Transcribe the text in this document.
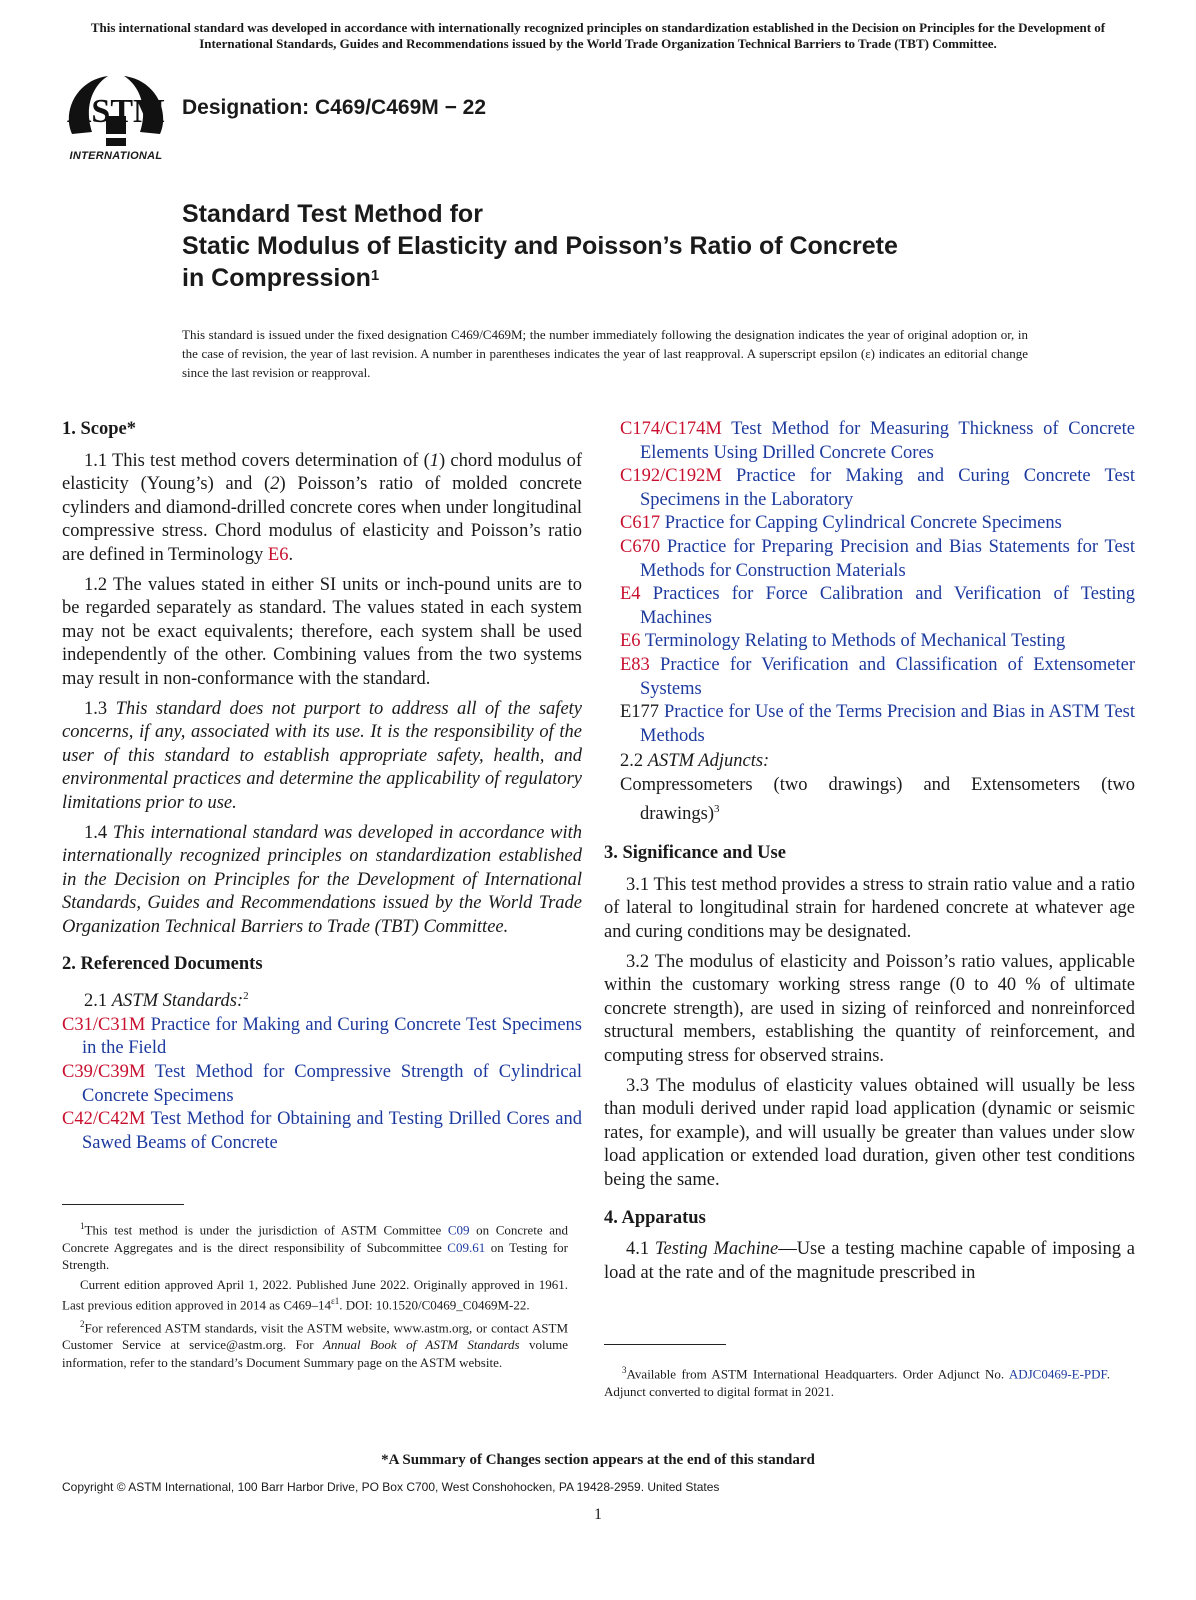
This international standard was developed in accordance with internationally recognized principles on standardization established in the Decision on Principles for the Development of International Standards, Guides and Recommendations issued by the World Trade Organization Technical Barriers to Trade (TBT) Committee.
ASTM
INTERNATIONAL
Designation: C469/C469M − 22
Standard Test Method for
Static Modulus of Elasticity and Poisson’s Ratio of Concrete
in Compression$^1$
This standard is issued under the fixed designation C469/C469M; the number immediately following the designation indicates the year of original adoption or, in the case of revision, the year of last revision. A number in parentheses indicates the year of last reapproval. A superscript epsilon (ε) indicates an editorial change since the last revision or reapproval.
1. Scope*

1.1 This test method covers determination of (1) chord modulus of elasticity (Young’s) and (2) Poisson’s ratio of molded concrete cylinders and diamond-drilled concrete cores when under longitudinal compressive stress. Chord modulus of elasticity and Poisson’s ratio are defined in Terminology E6.

1.2 The values stated in either SI units or inch-pound units are to be regarded separately as standard. The values stated in each system may not be exact equivalents; therefore, each system shall be used independently of the other. Combining values from the two systems may result in non-conformance with the standard.

1.3 This standard does not purport to address all of the safety concerns, if any, associated with its use. It is the responsibility of the user of this standard to establish appropriate safety, health, and environmental practices and determine the applicability of regulatory limitations prior to use.

1.4 This international standard was developed in accordance with internationally recognized principles on standardization established in the Decision on Principles for the Development of International Standards, Guides and Recommendations issued by the World Trade Organization Technical Barriers to Trade (TBT) Committee.

2. Referenced Documents

2.1 ASTM Standards:$^2$

C31/C31M Practice for Making and Curing Concrete Test Specimens in the Field

C39/C39M Test Method for Compressive Strength of Cylindrical Concrete Specimens

C42/C42M Test Method for Obtaining and Testing Drilled Cores and Sawed Beams of Concrete

C174/C174M Test Method for Measuring Thickness of Concrete Elements Using Drilled Concrete Cores

C192/C192M Practice for Making and Curing Concrete Test Specimens in the Laboratory

C617 Practice for Capping Cylindrical Concrete Specimens

C670 Practice for Preparing Precision and Bias Statements for Test Methods for Construction Materials

E4 Practices for Force Calibration and Verification of Testing Machines

E6 Terminology Relating to Methods of Mechanical Testing

E83 Practice for Verification and Classification of Extensometer Systems

E177 Practice for Use of the Terms Precision and Bias in ASTM Test Methods

2.2 ASTM Adjuncts:

Compressometers (two drawings) and Extensometers (two drawings)$^3$

3. Significance and Use

3.1 This test method provides a stress to strain ratio value and a ratio of lateral to longitudinal strain for hardened concrete at whatever age and curing conditions may be designated.

3.2 The modulus of elasticity and Poisson’s ratio values, applicable within the customary working stress range (0 to 40 % of ultimate concrete strength), are used in sizing of reinforced and nonreinforced structural members, establishing the quantity of reinforcement, and computing stress for observed strains.

3.3 The modulus of elasticity values obtained will usually be less than moduli derived under rapid load application (dynamic or seismic rates, for example), and will usually be greater than values under slow load application or extended load duration, given other test conditions being the same.

4. Apparatus

4.1 Testing Machine—Use a testing machine capable of imposing a load at the rate and of the magnitude prescribed in

$^1$This test method is under the jurisdiction of ASTM Committee C09 on Concrete and Concrete Aggregates and is the direct responsibility of Subcommittee C09.61 on Testing for Strength.

Current edition approved April 1, 2022. Published June 2022. Originally approved in 1961. Last previous edition approved in 2014 as $C469-14^{\varepsilon 1}$. DOI: 10.1520/C0469_C0469M-22.

$^2$For referenced ASTM standards, visit the ASTM website, www.astm.org, or contact ASTM Customer Service at service@astm.org. For Annual Book of ASTM Standards volume information, refer to the standard’s Document Summary page on the ASTM website.

$^3$Available from ASTM International Headquarters. Order Adjunct No. ADJC0469-E-PDF. Adjunct converted to digital format in 2021.

*A Summary of Changes section appears at the end of this standard
Copyright © ASTM International, 100 Barr Harbor Drive, PO Box C700, West Conshohocken, PA 19428-2959. United States
1
